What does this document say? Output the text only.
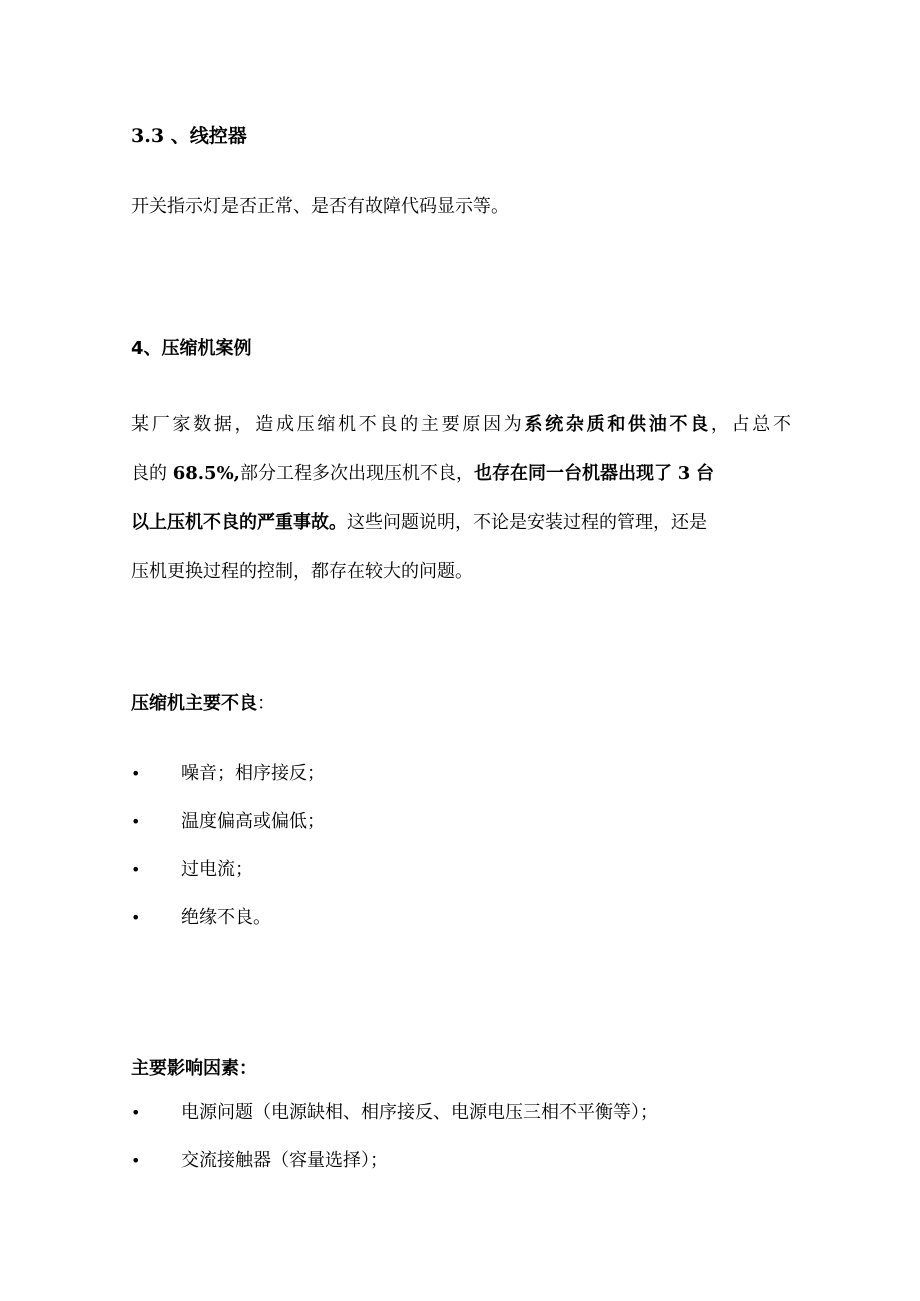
3.3 、线控器

开关指示灯是否正常、是否有故障代码显示等。

4、压缩机案例
某厂家数据，造成压缩机不良的主要原因为系统杂质和供油不良，占总不
良的 68.5%,部分工程多次出现压机不良，也存在同一台机器出现了 3 台
以上压机不良的严重事故。这些问题说明，不论是安装过程的管理，还是
压机更换过程的控制，都存在较大的问题。

压缩机主要不良：

• 噪音；相序接反；
• 温度偏高或偏低；
• 过电流；
• 绝缘不良。

主要影响因素：

• 电源问题（电源缺相、相序接反、电源电压三相不平衡等）；
• 交流接触器（容量选择）；
